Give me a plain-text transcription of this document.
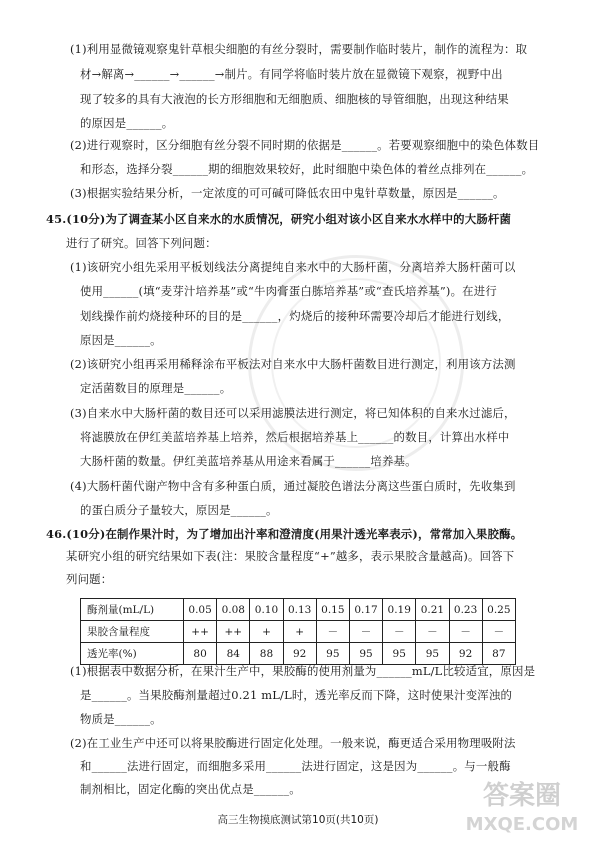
(1)利用显微镜观察鬼针草根尖细胞的有丝分裂时，需要制作临时装片，制作的流程为：取
材→解离→______→______→制片。有同学将临时装片放在显微镜下观察，视野中出
现了较多的具有大液泡的长方形细胞和无细胞质、细胞核的导管细胞，出现这种结果
的原因是______。
(2)进行观察时，区分细胞有丝分裂不同时期的依据是______。若要观察细胞中的染色体数目
和形态，选择分裂______期的细胞效果较好，此时细胞中染色体的着丝点排列在______。
(3)根据实验结果分析，一定浓度的可可碱可降低农田中鬼针草数量，原因是______。
45.(10分)为了调查某小区自来水的水质情况，研究小组对该小区自来水水样中的大肠杆菌
进行了研究。回答下列问题：
(1)该研究小组先采用平板划线法分离提纯自来水中的大肠杆菌，分离培养大肠杆菌可以
使用______(填“麦芽汁培养基”或“牛肉膏蛋白胨培养基”或“查氏培养基”)。在进行
划线操作前灼烧接种环的目的是______，灼烧后的接种环需要冷却后才能进行划线，
原因是______。
(2)该研究小组再采用稀释涂布平板法对自来水中大肠杆菌数目进行测定，利用该方法测
定活菌数目的原理是______。
(3)自来水中大肠杆菌的数目还可以采用滤膜法进行测定，将已知体积的自来水过滤后，
将滤膜放在伊红美蓝培养基上培养，然后根据培养基上______的数目，计算出水样中
大肠杆菌的数量。伊红美蓝培养基从用途来看属于______培养基。
(4)大肠杆菌代谢产物中含有多种蛋白质，通过凝胶色谱法分离这些蛋白质时，先收集到
的蛋白质分子量较大，原因是______。
46.(10分)在制作果汁时，为了增加出汁率和澄清度(用果汁透光率表示)，常常加入果胶酶。
某研究小组的研究结果如下表(注：果胶含量程度“+”越多，表示果胶含量越高)。回答下
列问题：
酶剂量(mL/L)	0.05	0.08	0.10	0.13	0.15	0.17	0.19	0.21	0.23	0.25
果胶含量程度	++	++	+	+	－	－	－	－	－	－
透光率(%)	80	84	88	92	95	95	95	95	92	87
(1)根据表中数据分析，在果汁生产中，果胶酶的使用剂量为______mL/L比较适宜，原因是
是______。当果胶酶剂量超过0.21 mL/L时，透光率反而下降，这时使果汁变浑浊的
物质是______。
(2)在工业生产中还可以将果胶酶进行固定化处理。一般来说，酶更适合采用物理吸附法
和______法进行固定，而细胞多采用______法进行固定，这是因为______。与一般酶
制剂相比，固定化酶的突出优点是______。
高三生物摸底测试第10页(共10页)
答案圈
MXQE.COM
